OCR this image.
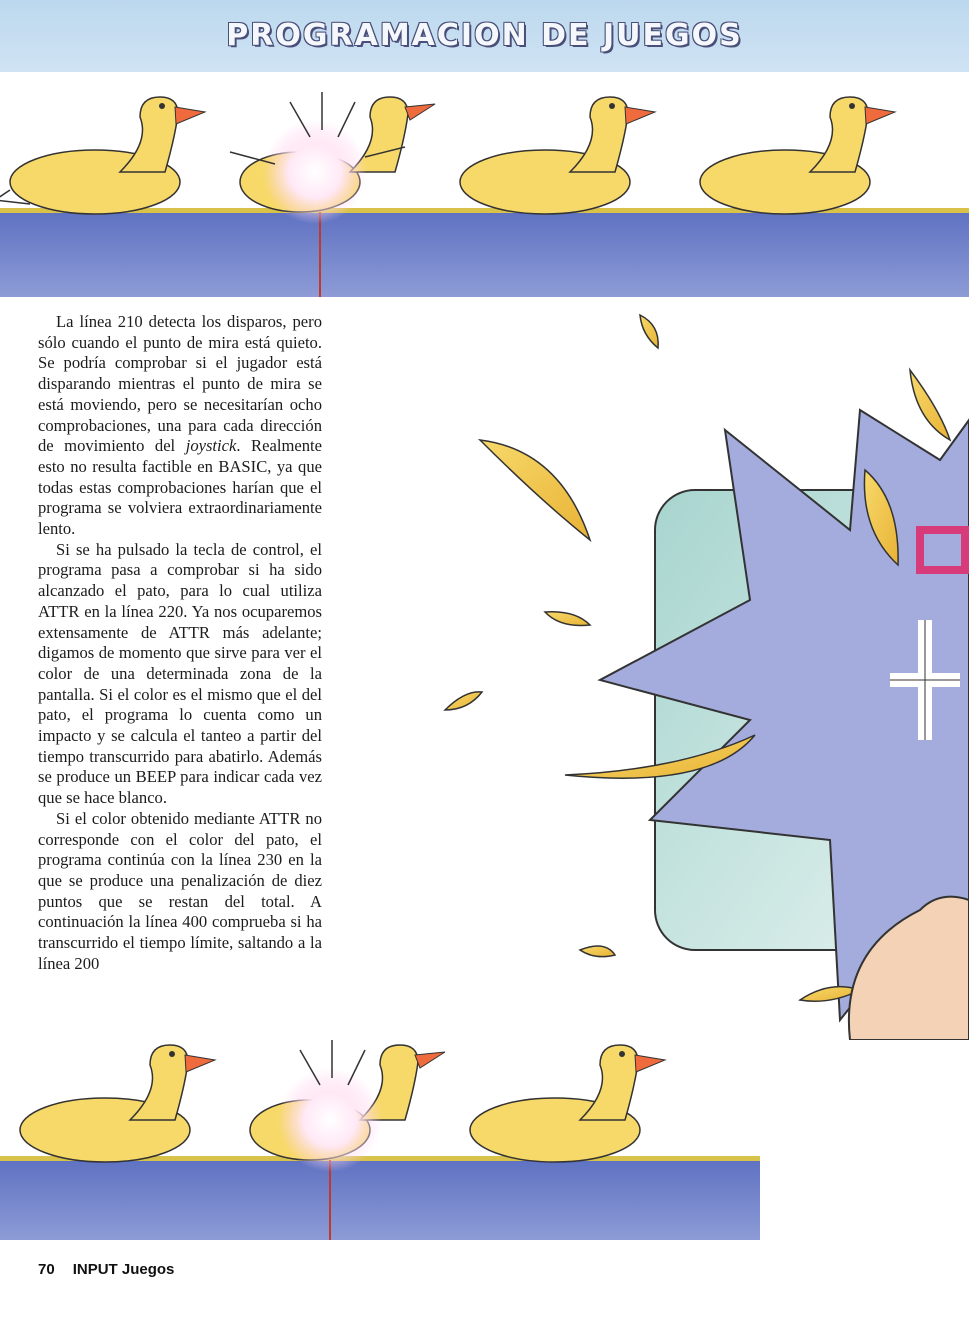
PROGRAMACION DE JUEGOS

La línea 210 detecta los disparos, pero sólo cuando el punto de mira está quieto. Se podría comprobar si el jugador está disparando mientras el punto de mira se está moviendo, pero se necesitarían ocho comprobaciones, una para cada dirección de movimiento del joystick. Realmente esto no resulta factible en BASIC, ya que todas estas comprobaciones harían que el programa se volviera extraordinariamente lento.

Si se ha pulsado la tecla de control, el programa pasa a comprobar si ha sido alcanzado el pato, para lo cual utiliza ATTR en la línea 220. Ya nos ocuparemos extensamente de ATTR más adelante; digamos de momento que sirve para ver el color de una determinada zona de la pantalla. Si el color es el mismo que el del pato, el programa lo cuenta como un impacto y se calcula el tanteo a partir del tiempo transcurrido para abatirlo. Además se produce un BEEP para indicar cada vez que se hace blanco.

Si el color obtenido mediante ATTR no corresponde con el color del pato, el programa continúa con la línea 230 en la que se produce una penalización de diez puntos que se restan del total. A continuación la línea 400 comprueba si ha transcurrido el tiempo límite, saltando a la línea 200

70 INPUT Juegos
